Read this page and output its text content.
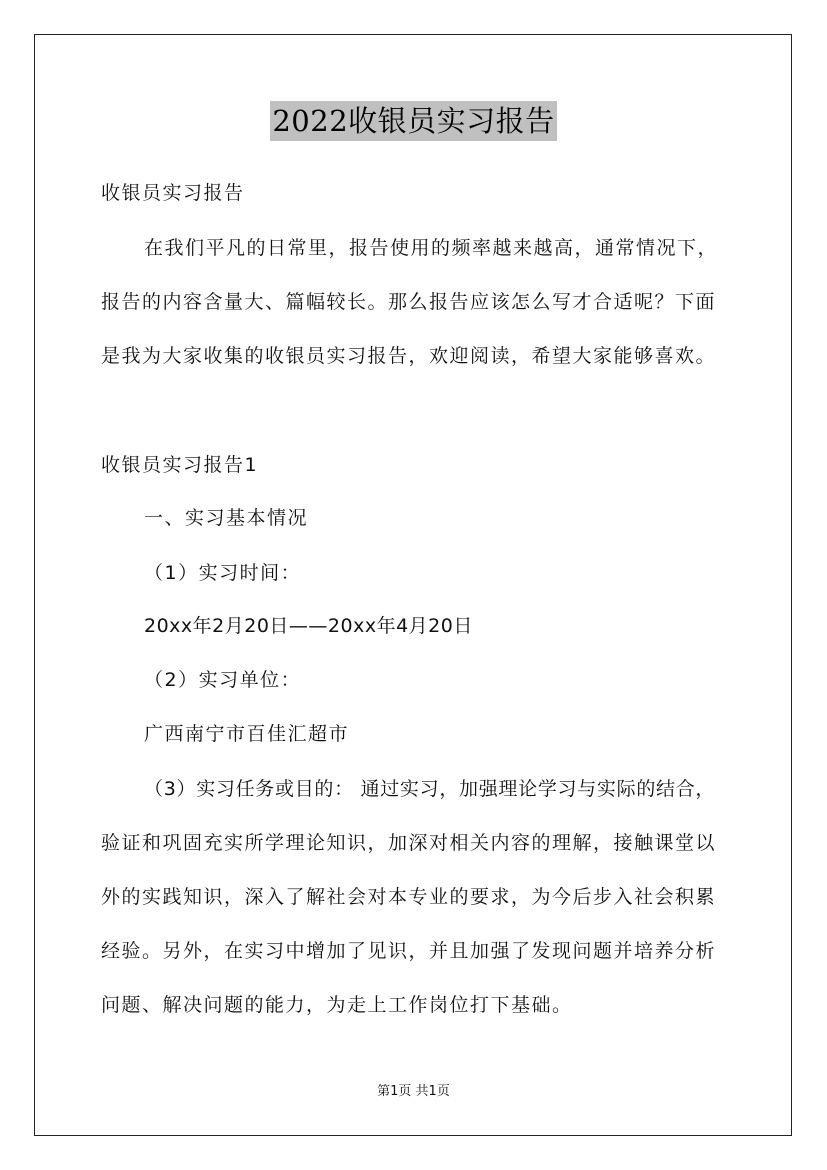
2022收银员实习报告
收银员实习报告
在我们平凡的日常里，报告使用的频率越来越高，通常情况下，
报告的内容含量大、篇幅较长。那么报告应该怎么写才合适呢？下面
是我为大家收集的收银员实习报告，欢迎阅读，希望大家能够喜欢。
收银员实习报告1
一、实习基本情况
（1）实习时间：
20xx年2月20日——20xx年4月20日
（2）实习单位：
广西南宁市百佳汇超市
（3）实习任务或目的： 通过实习，加强理论学习与实际的结合，
验证和巩固充实所学理论知识，加深对相关内容的理解，接触课堂以
外的实践知识，深入了解社会对本专业的要求，为今后步入社会积累
经验。另外，在实习中增加了见识，并且加强了发现问题并培养分析
问题、解决问题的能力，为走上工作岗位打下基础。
第1页 共1页
